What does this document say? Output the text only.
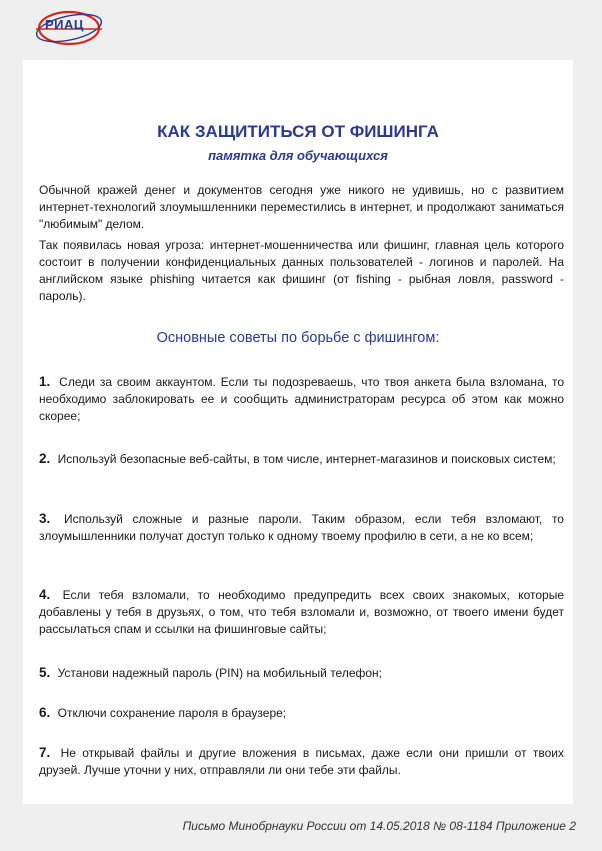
РИАЦ
КАК ЗАЩИТИТЬСЯ ОТ ФИШИНГА
памятка для обучающихся

Обычной кражей денег и документов сегодня уже никого не удивишь, но с развитием интернет-технологий злоумышленники переместились в интернет, и продолжают заниматься "любимым" делом.

Так появилась новая угроза: интернет-мошенничества или фишинг, главная цель которого состоит в получении конфиденциальных данных пользователей - логинов и паролей. На английском языке phishing читается как фишинг (от fishing - рыбная ловля, password - пароль).

Основные советы по борьбе с фишингом:

1. Следи за своим аккаунтом. Если ты подозреваешь, что твоя анкета была взломана, то необходимо заблокировать ее и сообщить администраторам ресурса об этом как можно скорее;

2. Используй безопасные веб-сайты, в том числе, интернет-магазинов и поисковых систем;

3. Используй сложные и разные пароли. Таким образом, если тебя взломают, то злоумышленники получат доступ только к одному твоему профилю в сети, а не ко всем;

4. Если тебя взломали, то необходимо предупредить всех своих знакомых, которые добавлены у тебя в друзьях, о том, что тебя взломали и, возможно, от твоего имени будет рассылаться спам и ссылки на фишинговые сайты;

5. Установи надежный пароль (PIN) на мобильный телефон;

6. Отключи сохранение пароля в браузере;

7. Не открывай файлы и другие вложения в письмах, даже если они пришли от твоих друзей. Лучше уточни у них, отправляли ли они тебе эти файлы.

Письмо Минобрнауки России от 14.05.2018 № 08-1184 Приложение 2
